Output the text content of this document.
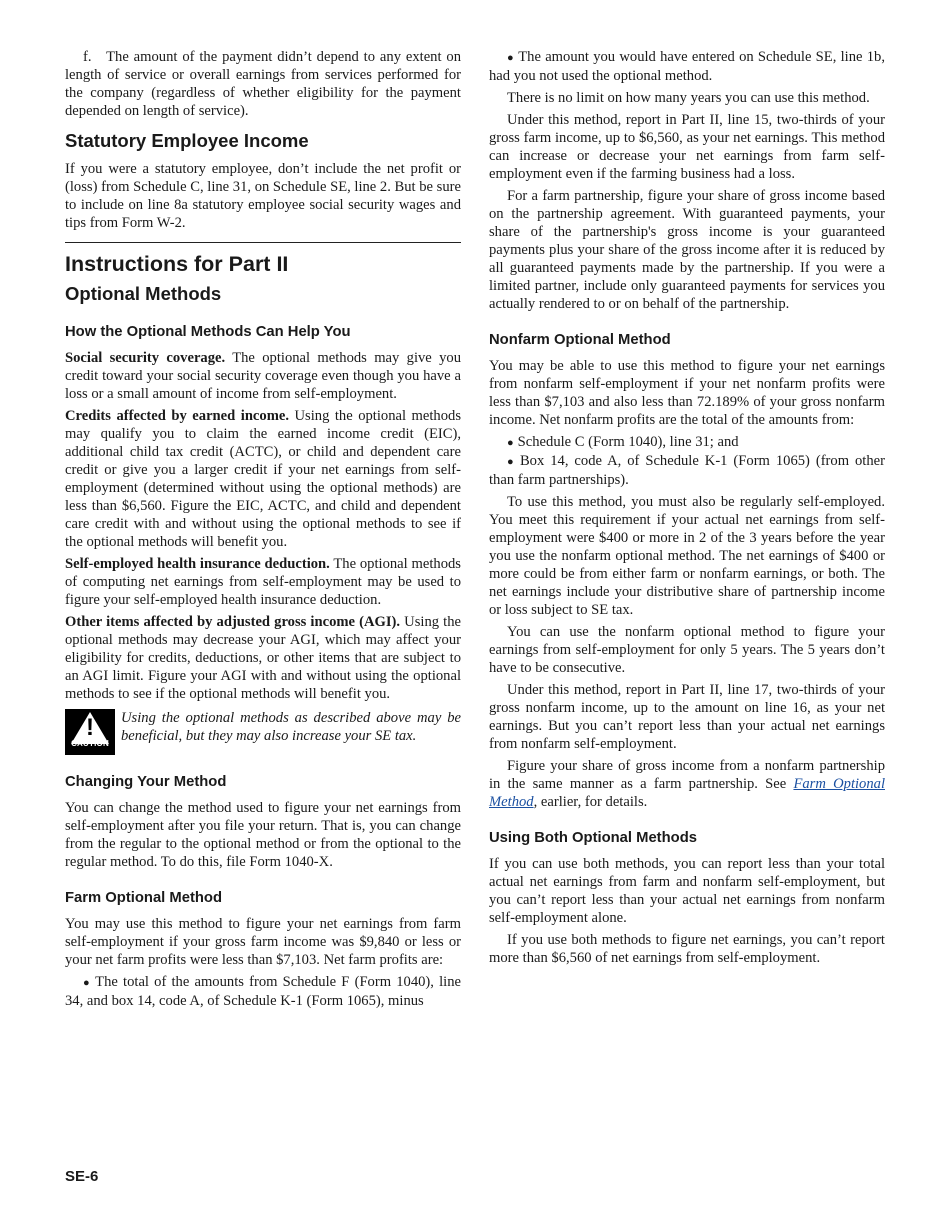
f. The amount of the payment didn’t depend to any extent on length of service or overall earnings from services performed for the company (regardless of whether eligibility for the payment depended on length of service).

Statutory Employee Income

If you were a statutory employee, don’t include the net profit or (loss) from Schedule C, line 31, on Schedule SE, line 2. But be sure to include on line 8a statutory employee social security wages and tips from Form W-2.

Instructions for Part II
Optional Methods
How the Optional Methods Can Help You

Social security coverage. The optional methods may give you credit toward your social security coverage even though you have a loss or a small amount of income from self-employment.

Credits affected by earned income. Using the optional methods may qualify you to claim the earned income credit (EIC), additional child tax credit (ACTC), or child and dependent care credit or give you a larger credit if your net earnings from self-employment (determined without using the optional methods) are less than $6,560. Figure the EIC, ACTC, and child and dependent care credit with and without using the optional methods to see if the optional methods will benefit you.

Self-employed health insurance deduction. The optional methods of computing net earnings from self-employment may be used to figure your self-employed health insurance deduction.

Other items affected by adjusted gross income (AGI). Using the optional methods may decrease your AGI, which may affect your eligibility for credits, deductions, or other items that are subject to an AGI limit. Figure your AGI with and without using the optional methods to see if the optional methods will benefit you.

!
CAUTION

Using the optional methods as described above may be beneficial, but they may also increase your SE tax.

Changing Your Method

You can change the method used to figure your net earnings from self-employment after you file your return. That is, you can change from the regular to the optional method or from the optional to the regular method. To do this, file Form 1040-X.

Farm Optional Method

You may use this method to figure your net earnings from farm self-employment if your gross farm income was $9,840 or less or your net farm profits were less than $7,103. Net farm profits are:

● The total of the amounts from Schedule F (Form 1040), line 34, and box 14, code A, of Schedule K-1 (Form 1065), minus

● The amount you would have entered on Schedule SE, line 1b, had you not used the optional method.

There is no limit on how many years you can use this method.

Under this method, report in Part II, line 15, two-thirds of your gross farm income, up to $6,560, as your net earnings. This method can increase or decrease your net earnings from farm self-employment even if the farming business had a loss.

For a farm partnership, figure your share of gross income based on the partnership agreement. With guaranteed payments, your share of the partnership's gross income is your guaranteed payments plus your share of the gross income after it is reduced by all guaranteed payments made by the partnership. If you were a limited partner, include only guaranteed payments for services you actually rendered to or on behalf of the partnership.

Nonfarm Optional Method

You may be able to use this method to figure your net earnings from nonfarm self-employment if your net nonfarm profits were less than $7,103 and also less than 72.189% of your gross nonfarm income. Net nonfarm profits are the total of the amounts from:

● Schedule C (Form 1040), line 31; and

● Box 14, code A, of Schedule K-1 (Form 1065) (from other than farm partnerships).

To use this method, you must also be regularly self-employed. You meet this requirement if your actual net earnings from self-employment were $400 or more in 2 of the 3 years before the year you use the nonfarm optional method. The net earnings of $400 or more could be from either farm or nonfarm earnings, or both. The net earnings include your distributive share of partnership income or loss subject to SE tax.

You can use the nonfarm optional method to figure your earnings from self-employment for only 5 years. The 5 years don’t have to be consecutive.

Under this method, report in Part II, line 17, two-thirds of your gross nonfarm income, up to the amount on line 16, as your net earnings. But you can’t report less than your actual net earnings from nonfarm self-employment.

Figure your share of gross income from a nonfarm partnership in the same manner as a farm partnership. See Farm Optional Method, earlier, for details.

Using Both Optional Methods

If you can use both methods, you can report less than your total actual net earnings from farm and nonfarm self-employment, but you can’t report less than your actual net earnings from nonfarm self-employment alone.

If you use both methods to figure net earnings, you can’t report more than $6,560 of net earnings from self-employment.

SE-6
